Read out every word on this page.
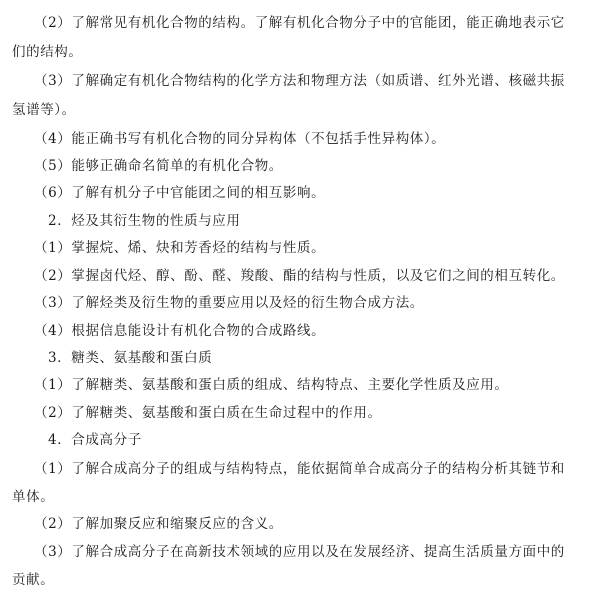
（2）了解常见有机化合物的结构。了解有机化合物分子中的官能团，能正确地表示它
们的结构。
（3）了解确定有机化合物结构的化学方法和物理方法（如质谱、红外光谱、核磁共振
氢谱等）。
（4）能正确书写有机化合物的同分异构体（不包括手性异构体）。
（5）能够正确命名简单的有机化合物。
（6）了解有机分子中官能团之间的相互影响。
2．烃及其衍生物的性质与应用
（1）掌握烷、烯、炔和芳香烃的结构与性质。
（2）掌握卤代烃、醇、酚、醛、羧酸、酯的结构与性质，以及它们之间的相互转化。
（3）了解烃类及衍生物的重要应用以及烃的衍生物合成方法。
（4）根据信息能设计有机化合物的合成路线。
3．糖类、氨基酸和蛋白质
（1）了解糖类、氨基酸和蛋白质的组成、结构特点、主要化学性质及应用。
（2）了解糖类、氨基酸和蛋白质在生命过程中的作用。
4．合成高分子
（1）了解合成高分子的组成与结构特点，能依据简单合成高分子的结构分析其链节和
单体。
（2）了解加聚反应和缩聚反应的含义。
（3）了解合成高分子在高新技术领域的应用以及在发展经济、提高生活质量方面中的
贡献。
